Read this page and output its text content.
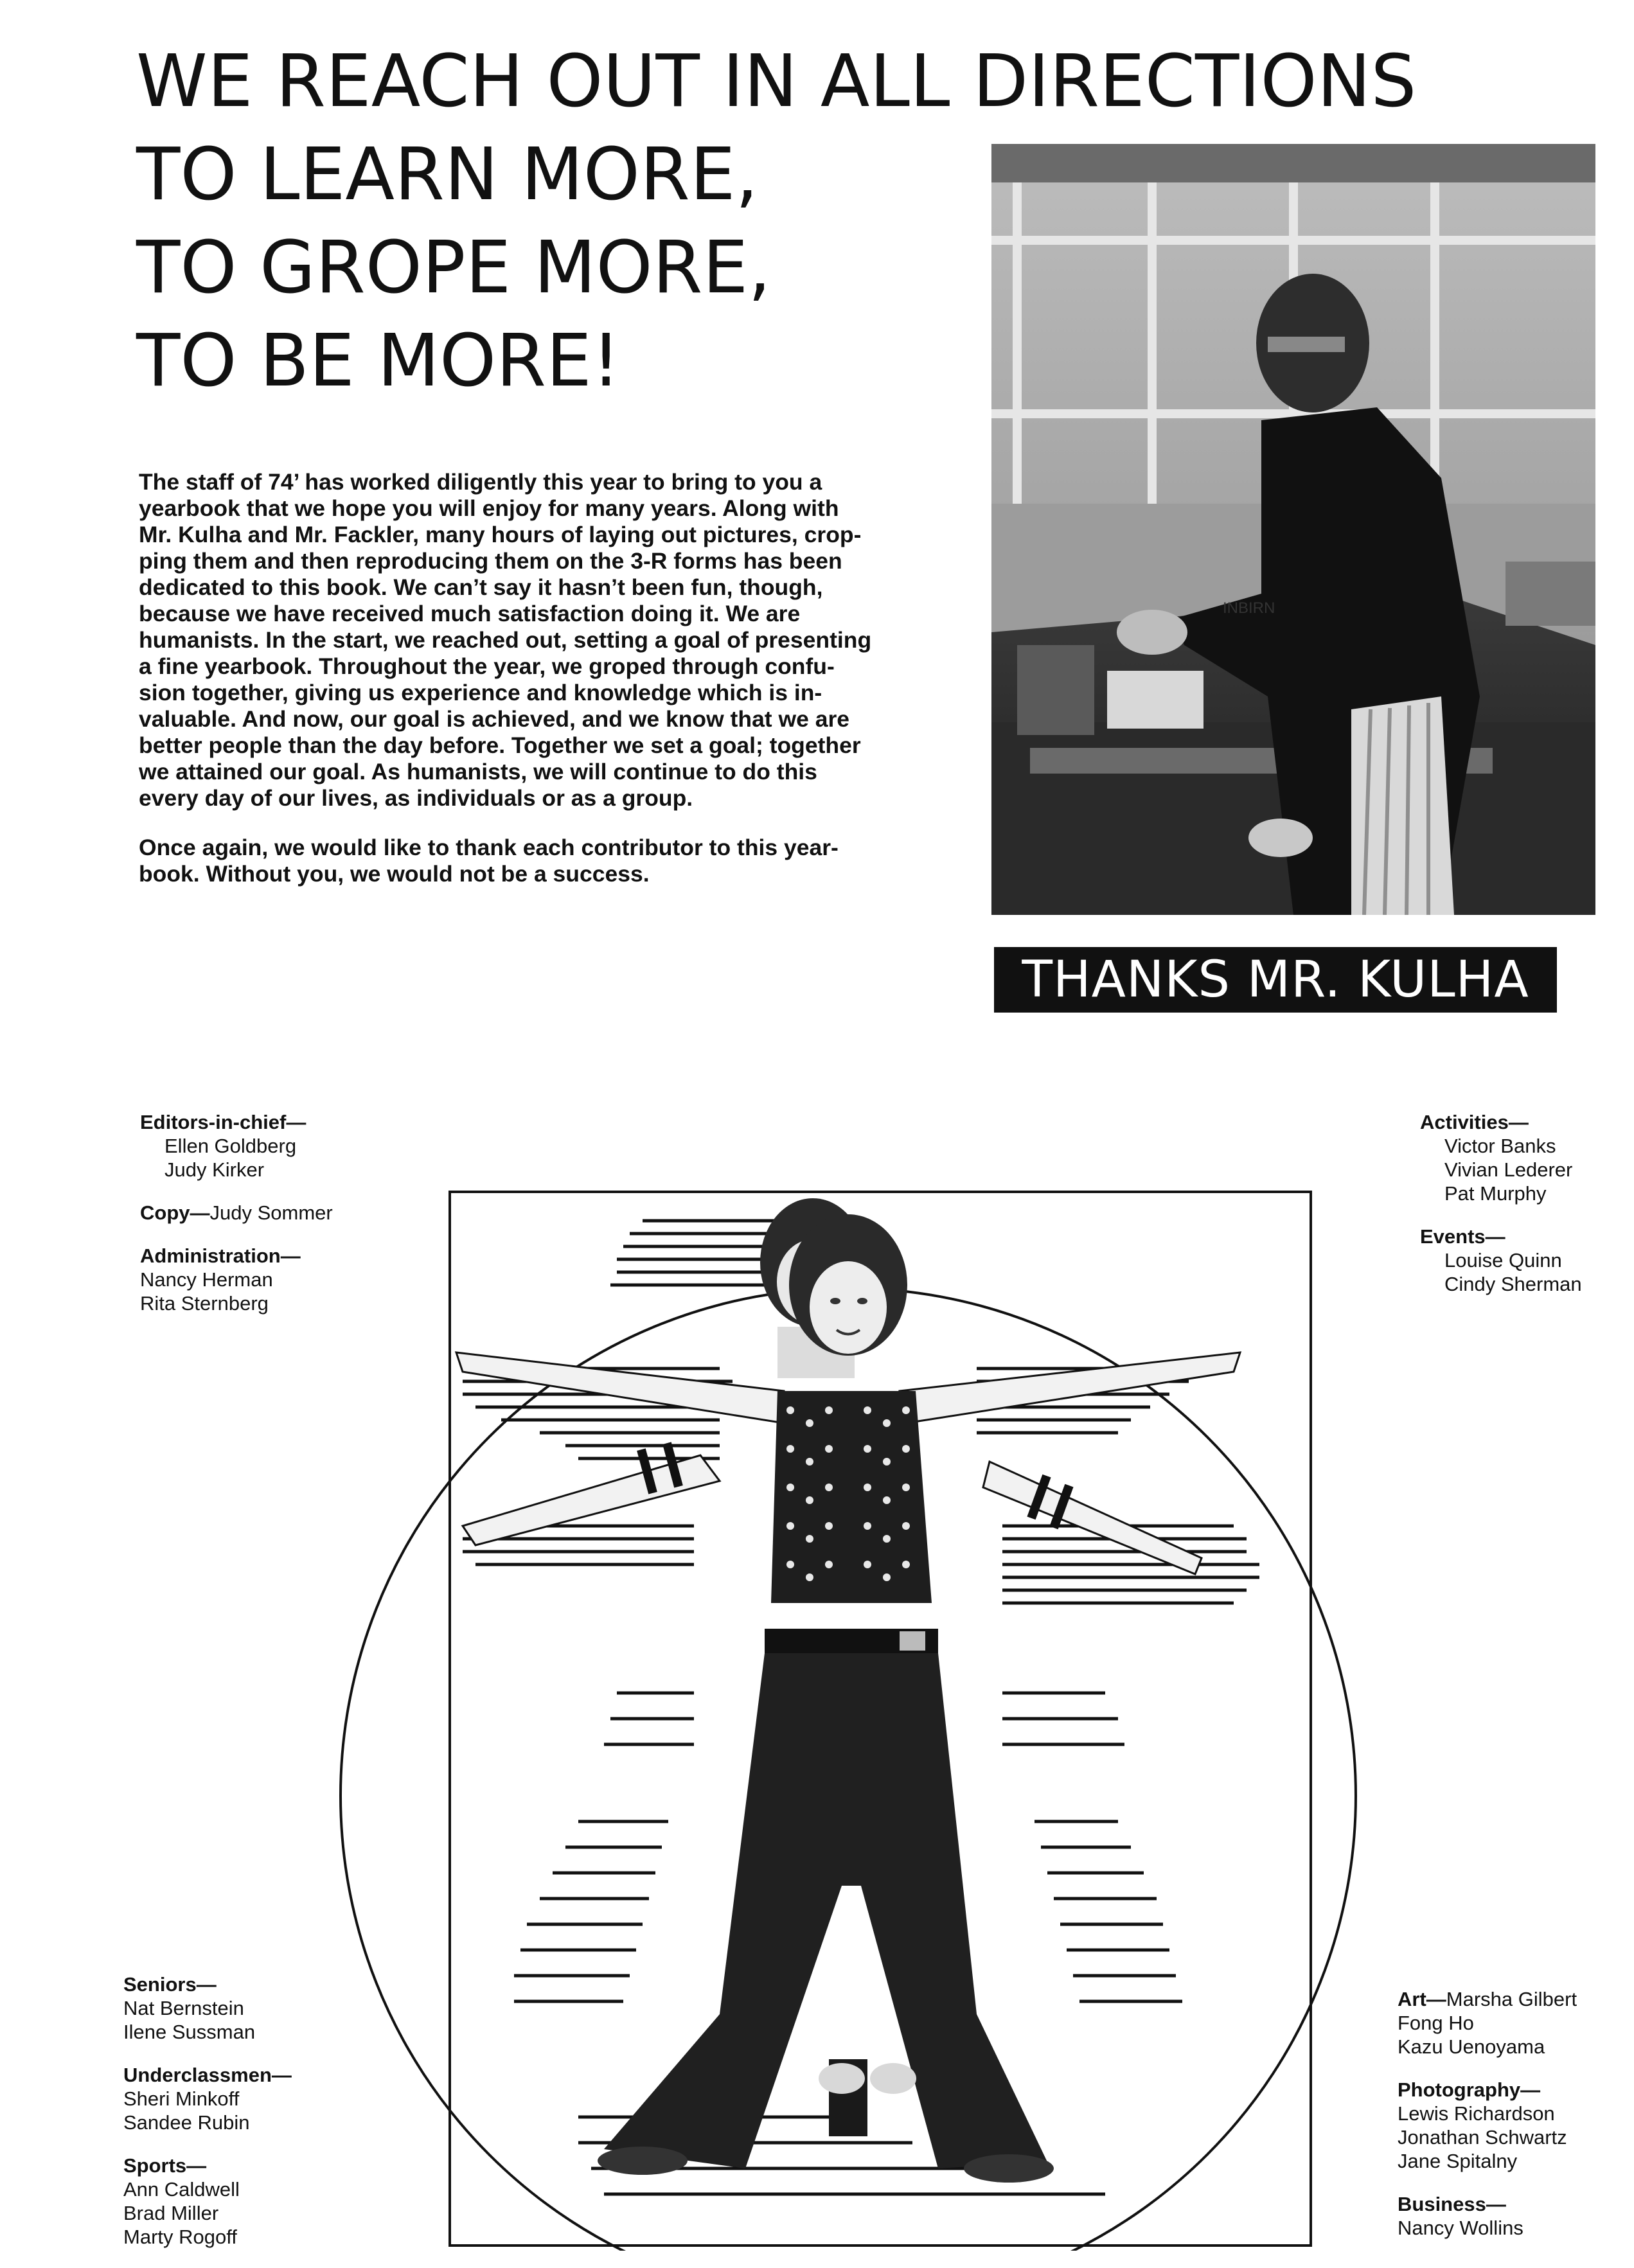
WE REACH OUT IN ALL DIRECTIONS
TO LEARN MORE,
TO GROPE MORE,
TO BE MORE!

The staff of 74’ has worked diligently this year to bring to you a
yearbook that we hope you will enjoy for many years. Along with
Mr. Kulha and Mr. Fackler, many hours of laying out pictures, crop-
ping them and then reproducing them on the 3-R forms has been
dedicated to this book. We can’t say it hasn’t been fun, though,
because we have received much satisfaction doing it. We are
humanists. In the start, we reached out, setting a goal of presenting
a fine yearbook. Throughout the year, we groped through confu-
sion together, giving us experience and knowledge which is in-
valuable. And now, our goal is achieved, and we know that we are
better people than the day before. Together we set a goal; together
we attained our goal. As humanists, we will continue to do this
every day of our lives, as individuals or as a group.

Once again, we would like to thank each contributor to this year-
book. Without you, we would not be a success.

INBIRN
THANKS MR. KULHA
Editors-in-chief—
Ellen Goldberg
Judy Kirker
Copy—Judy Sommer
Administration—
Nancy Herman
Rita Sternberg
Activities—
Victor Banks
Vivian Lederer
Pat Murphy
Events—
Louise Quinn
Cindy Sherman
Seniors—
Nat Bernstein
Ilene Sussman
Underclassmen—
Sheri Minkoff
Sandee Rubin
Sports—
Ann Caldwell
Brad Miller
Marty Rogoff
Art—Marsha Gilbert
Fong Ho
Kazu Uenoyama
Photography—
Lewis Richardson
Jonathan Schwartz
Jane Spitalny
Business—
Nancy Wollins
